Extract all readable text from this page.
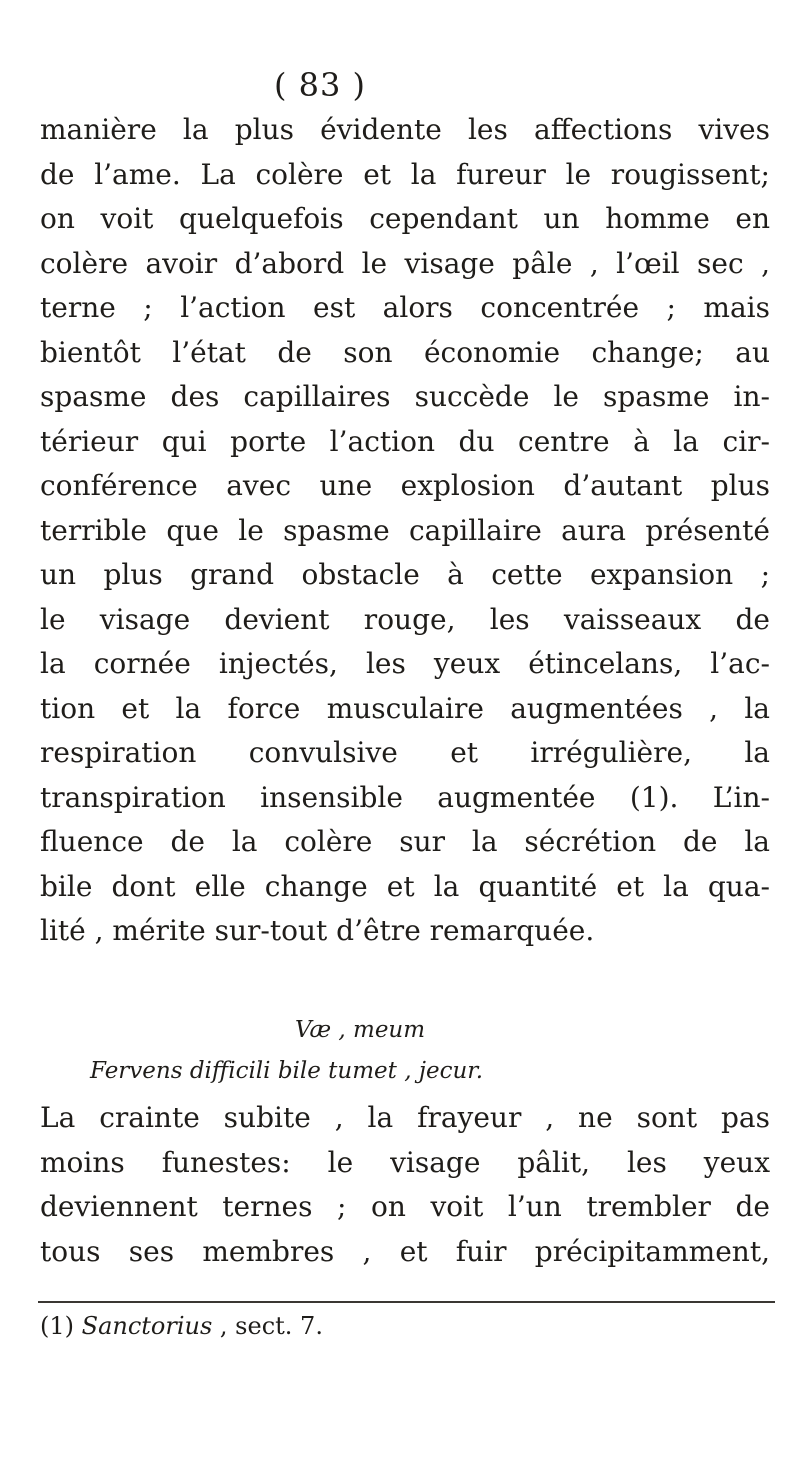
( 83 )
manière la plus évidente les affections vives
de l’ame. La colère et la fureur le rougissent;
on voit quelquefois cependant un homme en
colère avoir d’abord le visage pâle , l’œil sec ,
terne ; l’action est alors concentrée ; mais
bientôt l’état de son économie change; au
spasme des capillaires succède le spasme in-
térieur qui porte l’action du centre à la cir-
conférence avec une explosion d’autant plus
terrible que le spasme capillaire aura présenté
un plus grand obstacle à cette expansion ;
le visage devient rouge, les vaisseaux de
la cornée injectés, les yeux étincelans, l’ac-
tion et la force musculaire augmentées , la
respiration convulsive et irrégulière, la
transpiration insensible augmentée (1). L’in-
fluence de la colère sur la sécrétion de la
bile dont elle change et la quantité et la qua-
lité , mérite sur-tout d’être remarquée.
Væ , meum
Fervens difficili bile tumet , jecur.
La crainte subite , la frayeur , ne sont pas
moins funestes: le visage pâlit, les yeux
deviennent ternes ; on voit l’un trembler de
tous ses membres , et fuir précipitamment,
(1) Sanctorius , sect. 7.
